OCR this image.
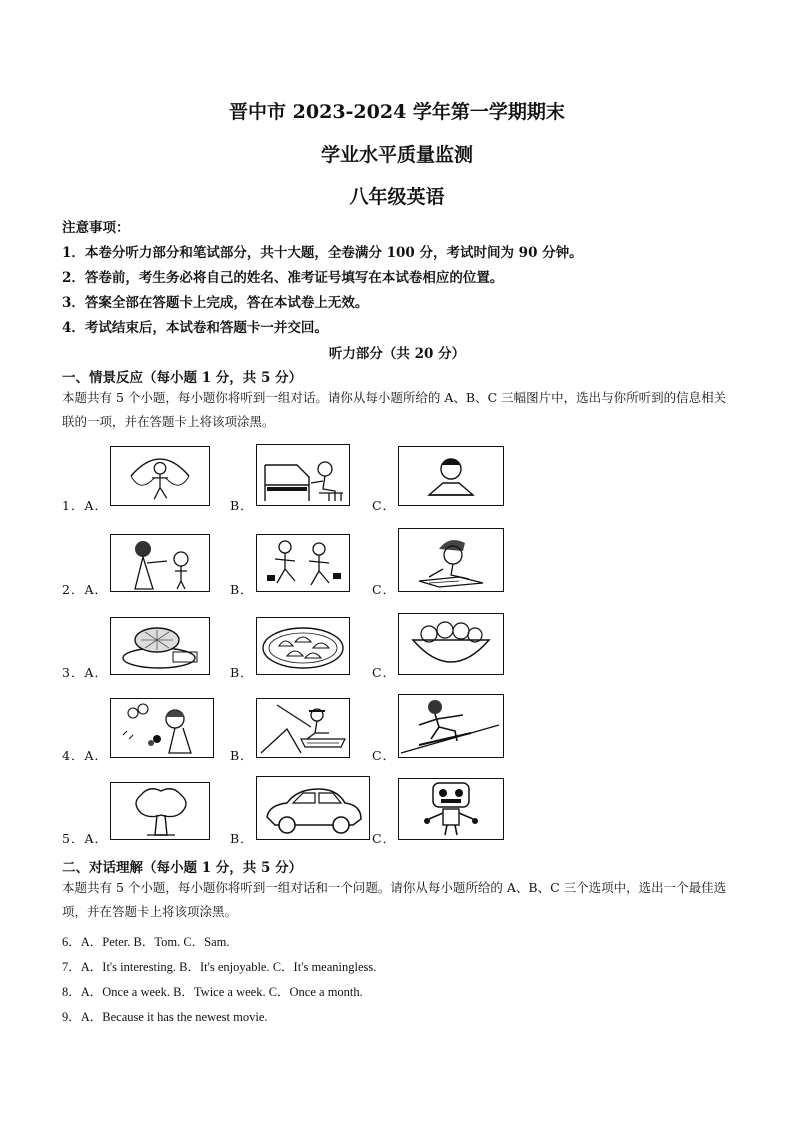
晋中市 2023-2024 学年第一学期期末
学业水平质量监测
八年级英语
注意事项：
1．本卷分听力部分和笔试部分，共十大题，全卷满分 100 分，考试时间为 90 分钟。
2．答卷前，考生务必将自己的姓名、准考证号填写在本试卷相应的位置。
3．答案全部在答题卡上完成，答在本试卷上无效。
4．考试结束后，本试卷和答题卡一并交回。
听力部分（共 20 分）
一、情景反应（每小题 1 分，共 5 分）
本题共有 5 个小题，每小题你将听到一组对话。请你从每小题所给的 A、B、C 三幅图片中，选出与你所听到的信息相关联的一项，并在答题卡上将该项涂黑。
1．A．	B．	C．
2．A．	B．	C．
3．A．	B．	C．
4．A．	B．	C．
5．A．	B．	C．
二、对话理解（每小题 1 分，共 5 分）
本题共有 5 个小题，每小题你将听到一组对话和一个问题。请你从每小题所给的 A、B、C 三个选项中，选出一个最佳选项，并在答题卡上将该项涂黑。
6．A．Peter. B．Tom. C．Sam.
7．A．It's interesting. B．It's enjoyable. C．It's meaningless.
8．A．Once a week. B．Twice a week. C．Once a month.
9．A．Because it has the newest movie.
